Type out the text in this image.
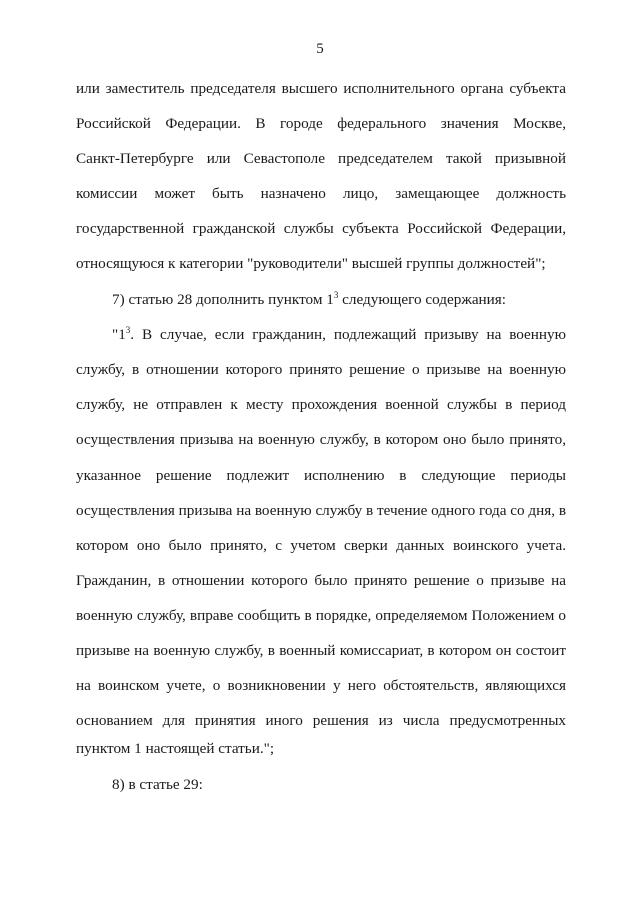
5
или заместитель председателя высшего исполнительного органа субъекта
Российской Федерации. В городе федерального значения Москве,
Санкт-Петербурге или Севастополе председателем такой призывной
комиссии может быть назначено лицо, замещающее должность
государственной гражданской службы субъекта Российской Федерации,
относящуюся к категории "руководители" высшей группы должностей";
7) статью 28 дополнить пунктом $1^3$ следующего содержания:
"$1^3$. В случае, если гражданин, подлежащий призыву на военную
службу, в отношении которого принято решение о призыве на военную
службу, не отправлен к месту прохождения военной службы в период
осуществления призыва на военную службу, в котором оно было принято,
указанное решение подлежит исполнению в следующие периоды
осуществления призыва на военную службу в течение одного года со дня, в
котором оно было принято, с учетом сверки данных воинского учета.
Гражданин, в отношении которого было принято решение о призыве на
военную службу, вправе сообщить в порядке, определяемом Положением о
призыве на военную службу, в военный комиссариат, в котором он состоит
на воинском учете, о возникновении у него обстоятельств, являющихся
основанием для принятия иного решения из числа предусмотренных
пунктом 1 настоящей статьи.";
8) в статье 29:
